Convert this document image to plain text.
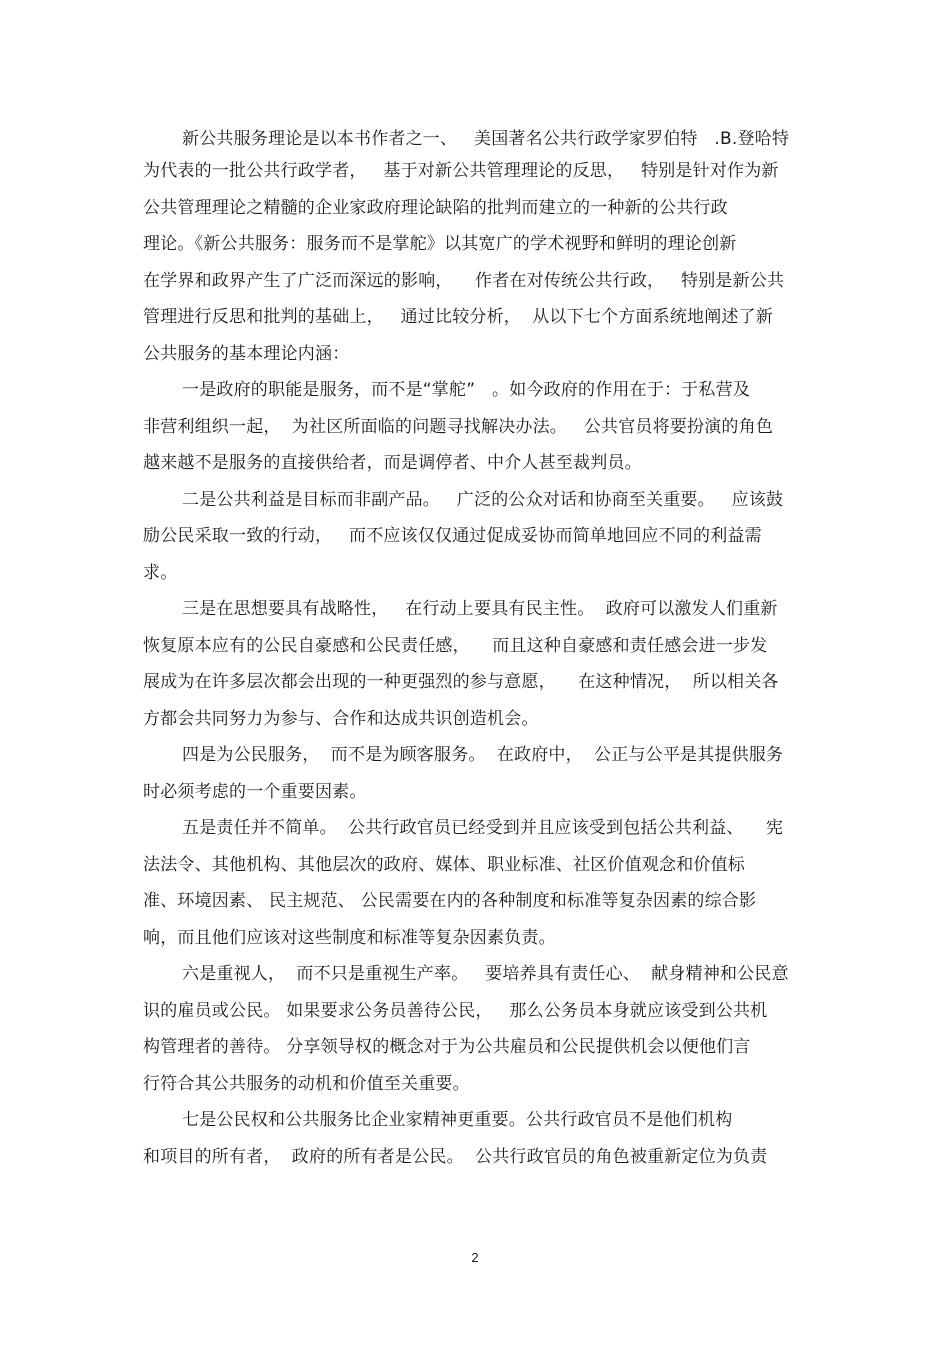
新公共服务理论是以本书作者之一、   美国著名公共行政学家罗伯特   .B.登哈特
为代表的一批公共行政学者，   基于对新公共管理理论的反思，   特别是针对作为新
公共管理理论之精髓的企业家政府理论缺陷的批判而建立的一种新的公共行政
理论。《新公共服务：服务而不是掌舵》以其宽广的学术视野和鲜明的理论创新
在学界和政界产生了广泛而深远的影响，    作者在对传统公共行政，   特别是新公共
管理进行反思和批判的基础上，   通过比较分析，  从以下七个方面系统地阐述了新
公共服务的基本理论内涵：
一是政府的职能是服务，而不是“掌舵”   。如今政府的作用在于：于私营及
非营利组织一起，  为社区所面临的问题寻找解决办法。   公共官员将要扮演的角色
越来越不是服务的直接供给者，而是调停者、中介人甚至裁判员。
二是公共利益是目标而非副产品。   广泛的公众对话和协商至关重要。   应该鼓
励公民采取一致的行动，   而不应该仅仅通过促成妥协而简单地回应不同的利益需
求。
三是在思想要具有战略性，   在行动上要具有民主性。  政府可以激发人们重新
恢复原本应有的公民自豪感和公民责任感，    而且这种自豪感和责任感会进一步发
展成为在许多层次都会出现的一种更强烈的参与意愿，    在这种情况，  所以相关各
方都会共同努力为参与、合作和达成共识创造机会。
四是为公民服务，  而不是为顾客服务。  在政府中，  公正与公平是其提供服务
时必须考虑的一个重要因素。
五是责任并不简单。  公共行政官员已经受到并且应该受到包括公共利益、    宪
法法令、其他机构、其他层次的政府、媒体、职业标准、社区价值观念和价值标
准、环境因素、 民主规范、 公民需要在内的各种制度和标准等复杂因素的综合影
响，而且他们应该对这些制度和标准等复杂因素负责。
六是重视人，  而不只是重视生产率。   要培养具有责任心、  献身精神和公民意
识的雇员或公民。 如果要求公务员善待公民，   那么公务员本身就应该受到公共机
构管理者的善待。 分享领导权的概念对于为公共雇员和公民提供机会以便他们言
行符合其公共服务的动机和价值至关重要。
七是公民权和公共服务比企业家精神更重要。公共行政官员不是他们机构
和项目的所有者，  政府的所有者是公民。  公共行政官员的角色被重新定位为负责
2
